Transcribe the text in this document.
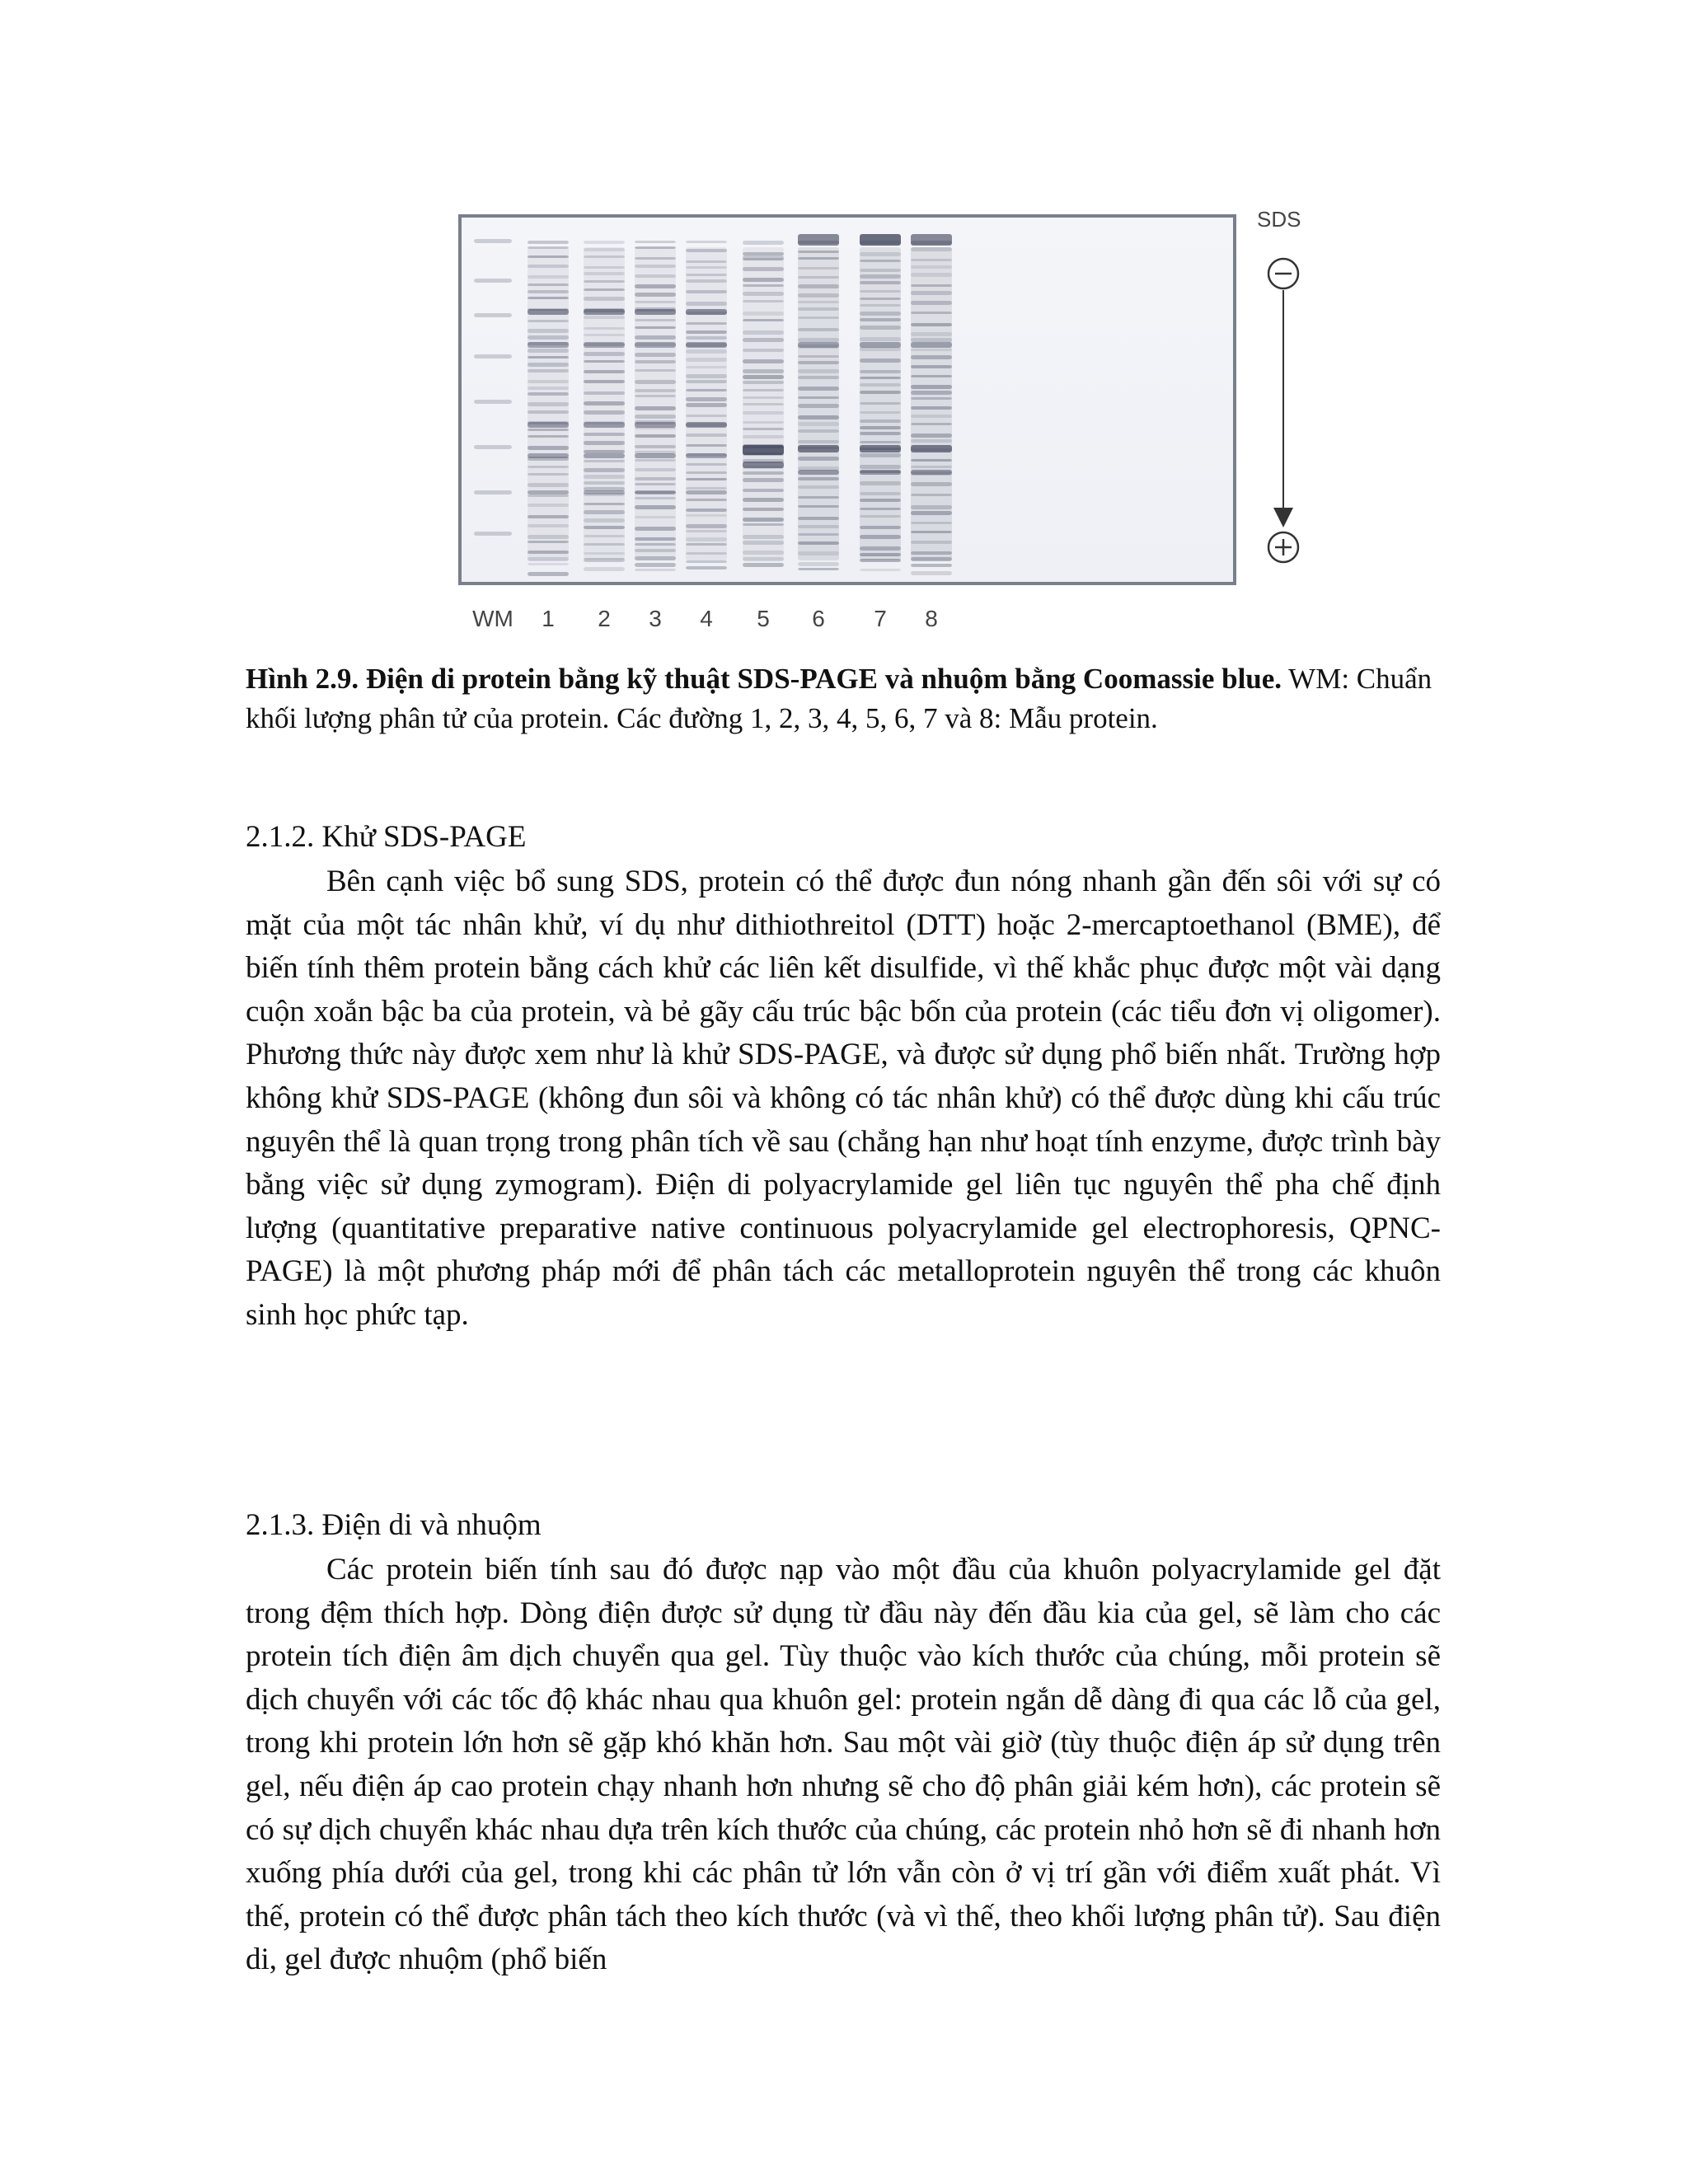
WM 1 2 3 4 5 6 7 8
SDS
Hình 2.9. Điện di protein bằng kỹ thuật SDS-PAGE và nhuộm bằng Coomassie blue. WM: Chuẩn khối lượng phân tử của protein. Các đường 1, 2, 3, 4, 5, 6, 7 và 8: Mẫu protein.
2.1.2. Khử SDS-PAGE

Bên cạnh việc bổ sung SDS, protein có thể được đun nóng nhanh gần đến sôi với sự có mặt của một tác nhân khử, ví dụ như dithiothreitol (DTT) hoặc 2-mercaptoethanol (BME), để biến tính thêm protein bằng cách khử các liên kết disulfide, vì thế khắc phục được một vài dạng cuộn xoắn bậc ba của protein, và bẻ gãy cấu trúc bậc bốn của protein (các tiểu đơn vị oligomer). Phương thức này được xem như là khử SDS-PAGE, và được sử dụng phổ biến nhất. Trường hợp không khử SDS-PAGE (không đun sôi và không có tác nhân khử) có thể được dùng khi cấu trúc nguyên thể là quan trọng trong phân tích về sau (chẳng hạn như hoạt tính enzyme, được trình bày bằng việc sử dụng zymogram). Điện di polyacrylamide gel liên tục nguyên thể pha chế định lượng (quantitative preparative native continuous polyacrylamide gel electrophoresis, QPNC-PAGE) là một phương pháp mới để phân tách các metalloprotein nguyên thể trong các khuôn sinh học phức tạp.

2.1.3. Điện di và nhuộm

Các protein biến tính sau đó được nạp vào một đầu của khuôn polyacrylamide gel đặt trong đệm thích hợp. Dòng điện được sử dụng từ đầu này đến đầu kia của gel, sẽ làm cho các protein tích điện âm dịch chuyển qua gel. Tùy thuộc vào kích thước của chúng, mỗi protein sẽ dịch chuyển với các tốc độ khác nhau qua khuôn gel: protein ngắn dễ dàng đi qua các lỗ của gel, trong khi protein lớn hơn sẽ gặp khó khăn hơn. Sau một vài giờ (tùy thuộc điện áp sử dụng trên gel, nếu điện áp cao protein chạy nhanh hơn nhưng sẽ cho độ phân giải kém hơn), các protein sẽ có sự dịch chuyển khác nhau dựa trên kích thước của chúng, các protein nhỏ hơn sẽ đi nhanh hơn xuống phía dưới của gel, trong khi các phân tử lớn vẫn còn ở vị trí gần với điểm xuất phát. Vì thế, protein có thể được phân tách theo kích thước (và vì thế, theo khối lượng phân tử). Sau điện di, gel được nhuộm (phổ biến
